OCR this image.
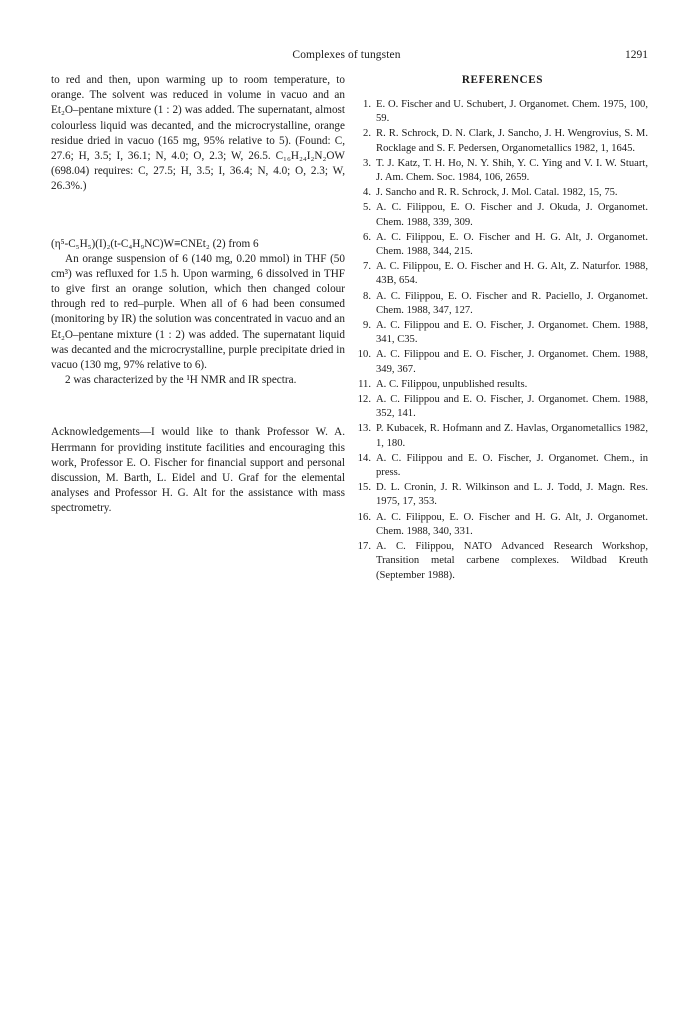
Complexes of tungsten	1291

to red and then, upon warming up to room temperature, to orange. The solvent was reduced in volume in vacuo and an Et₂O–pentane mixture (1 : 2) was added. The supernatant, almost colourless liquid was decanted, and the microcrystalline, orange residue dried in vacuo (165 mg, 95% relative to 5). (Found: C, 27.6; H, 3.5; I, 36.1; N, 4.0; O, 2.3; W, 26.5. C₁₆H₂₄I₂N₂OW (698.04) requires: C, 27.5; H, 3.5; I, 36.4; N, 4.0; O, 2.3; W, 26.3%.)

(η⁵-C₅H₅)(I)₂(t-C₄H₉NC)W≡CNEt₂ (2) from 6

An orange suspension of 6 (140 mg, 0.20 mmol) in THF (50 cm³) was refluxed for 1.5 h. Upon warming, 6 dissolved in THF to give first an orange solution, which then changed colour through red to red–purple. When all of 6 had been consumed (monitoring by IR) the solution was concentrated in vacuo and an Et₂O–pentane mixture (1 : 2) was added. The supernatant liquid was decanted and the microcrystalline, purple precipitate dried in vacuo (130 mg, 97% relative to 6).

2 was characterized by the ¹H NMR and IR spectra.

Acknowledgements—I would like to thank Professor W. A. Herrmann for providing institute facilities and encouraging this work, Professor E. O. Fischer for financial support and personal discussion, M. Barth, L. Eidel and U. Graf for the elemental analyses and Professor H. G. Alt for the assistance with mass spectrometry.

REFERENCES
1. E. O. Fischer and U. Schubert, J. Organomet. Chem. 1975, 100, 59.
2. R. R. Schrock, D. N. Clark, J. Sancho, J. H. Wengrovius, S. M. Rocklage and S. F. Pedersen, Organometallics 1982, 1, 1645.
3. T. J. Katz, T. H. Ho, N. Y. Shih, Y. C. Ying and V. I. W. Stuart, J. Am. Chem. Soc. 1984, 106, 2659.
4. J. Sancho and R. R. Schrock, J. Mol. Catal. 1982, 15, 75.
5. A. C. Filippou, E. O. Fischer and J. Okuda, J. Organomet. Chem. 1988, 339, 309.
6. A. C. Filippou, E. O. Fischer and H. G. Alt, J. Organomet. Chem. 1988, 344, 215.
7. A. C. Filippou, E. O. Fischer and H. G. Alt, Z. Naturfor. 1988, 43B, 654.
8. A. C. Filippou, E. O. Fischer and R. Paciello, J. Organomet. Chem. 1988, 347, 127.
9. A. C. Filippou and E. O. Fischer, J. Organomet. Chem. 1988, 341, C35.
10. A. C. Filippou and E. O. Fischer, J. Organomet. Chem. 1988, 349, 367.
11. A. C. Filippou, unpublished results.
12. A. C. Filippou and E. O. Fischer, J. Organomet. Chem. 1988, 352, 141.
13. P. Kubacek, R. Hofmann and Z. Havlas, Organometallics 1982, 1, 180.
14. A. C. Filippou and E. O. Fischer, J. Organomet. Chem., in press.
15. D. L. Cronin, J. R. Wilkinson and L. J. Todd, J. Magn. Res. 1975, 17, 353.
16. A. C. Filippou, E. O. Fischer and H. G. Alt, J. Organomet. Chem. 1988, 340, 331.
17. A. C. Filippou, NATO Advanced Research Workshop, Transition metal carbene complexes. Wildbad Kreuth (September 1988).
